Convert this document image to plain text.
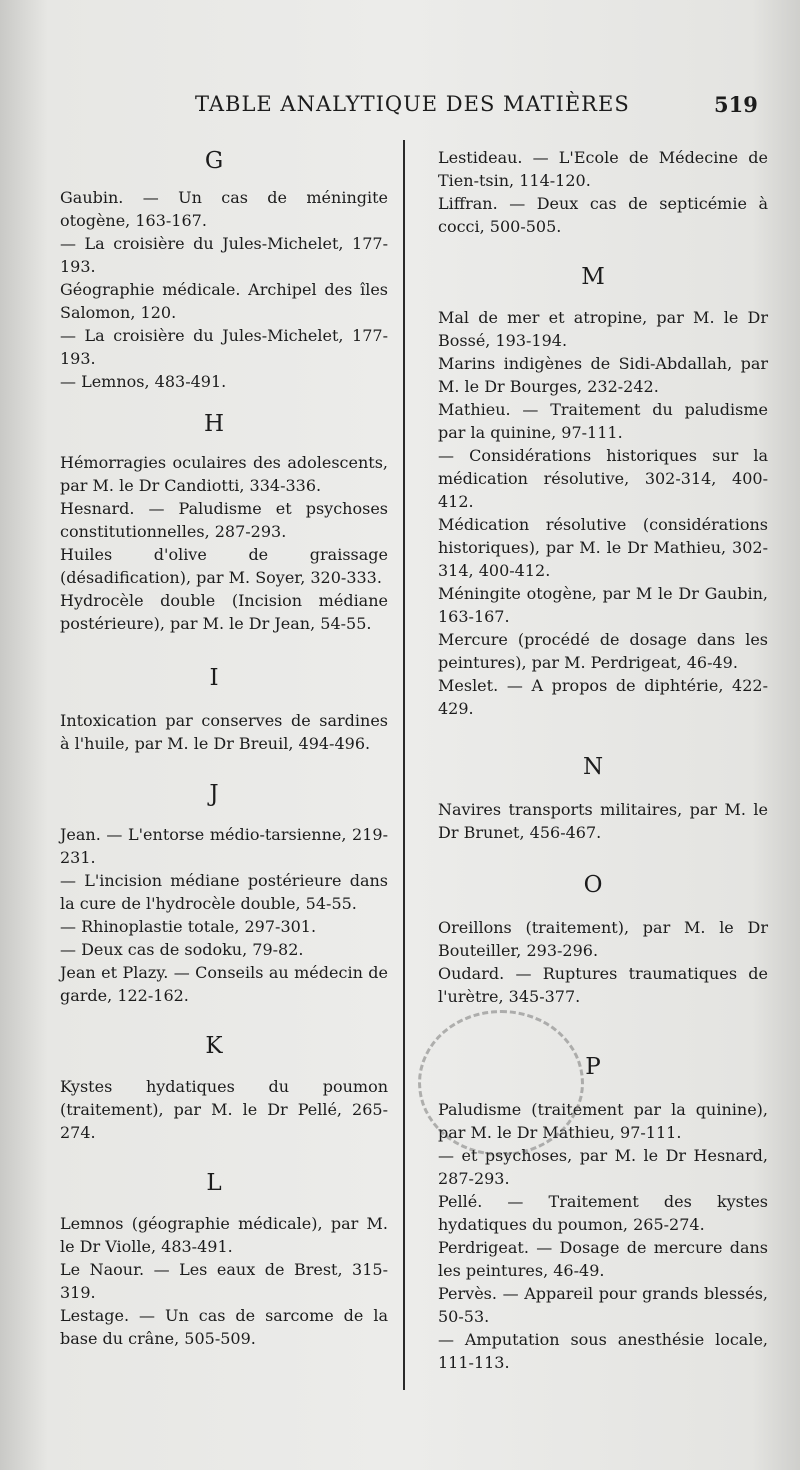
TABLE ANALYTIQUE DES MATIÈRES	519

G

Gaubin. — Un cas de méningite otogène, 163-167.

— La croisière du Jules-Michelet, 177-193.

Géographie médicale. Archipel des îles Salomon, 120.

— La croisière du Jules-Michelet, 177-193.

— Lemnos, 483-491.

H

Hémorragies oculaires des adolescents, par M. le Dr Candiotti, 334-336.

Hesnard. — Paludisme et psychoses constitutionnelles, 287-293.

Huiles d'olive de graissage (désadification), par M. Soyer, 320-333.

Hydrocèle double (Incision médiane postérieure), par M. le Dr Jean, 54-55.

I

Intoxication par conserves de sardines à l'huile, par M. le Dr Breuil, 494-496.

J

Jean. — L'entorse médio-tarsienne, 219-231.

— L'incision médiane postérieure dans la cure de l'hydrocèle double, 54-55.

— Rhinoplastie totale, 297-301.

— Deux cas de sodoku, 79-82.

Jean et Plazy. — Conseils au médecin de garde, 122-162.

K

Kystes hydatiques du poumon (traitement), par M. le Dr Pellé, 265-274.

L

Lemnos (géographie médicale), par M. le Dr Violle, 483-491.

Le Naour. — Les eaux de Brest, 315-319.

Lestage. — Un cas de sarcome de la base du crâne, 505-509.

Lestideau. — L'Ecole de Médecine de Tien-tsin, 114-120.

Liffran. — Deux cas de septicémie à cocci, 500-505.

M

Mal de mer et atropine, par M. le Dr Bossé, 193-194.

Marins indigènes de Sidi-Abdallah, par M. le Dr Bourges, 232-242.

Mathieu. — Traitement du paludisme par la quinine, 97-111.

— Considérations historiques sur la médication résolutive, 302-314, 400-412.

Médication résolutive (considérations historiques), par M. le Dr Mathieu, 302-314, 400-412.

Méningite otogène, par M le Dr Gaubin, 163-167.

Mercure (procédé de dosage dans les peintures), par M. Perdrigeat, 46-49.

Meslet. — A propos de diphtérie, 422-429.

N

Navires transports militaires, par M. le Dr Brunet, 456-467.

O

Oreillons (traitement), par M. le Dr Bouteiller, 293-296.

Oudard. — Ruptures traumatiques de l'urètre, 345-377.

P

Paludisme (traitement par la quinine), par M. le Dr Mathieu, 97-111.

— et psychoses, par M. le Dr Hesnard, 287-293.

Pellé. — Traitement des kystes hydatiques du poumon, 265-274.

Perdrigeat. — Dosage de mercure dans les peintures, 46-49.

Pervès. — Appareil pour grands blessés, 50-53.

— Amputation sous anesthésie locale, 111-113.
